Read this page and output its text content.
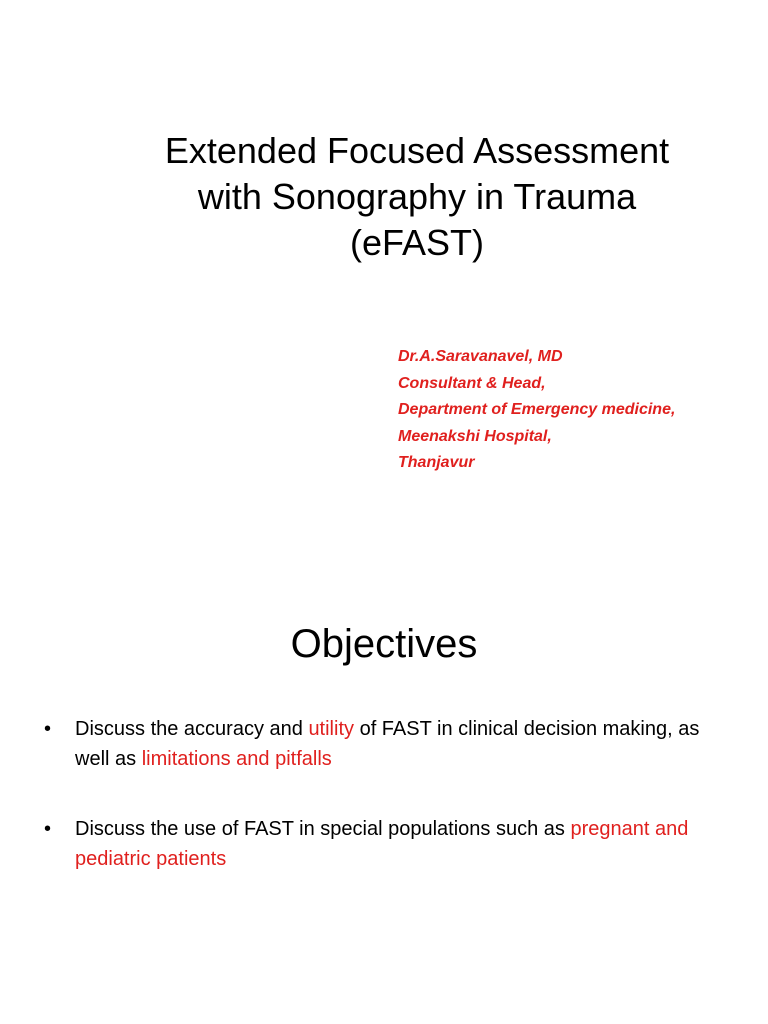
Extended Focused Assessment
with Sonography in Trauma
(eFAST)
Dr.A.Saravanavel, MD
Consultant & Head,
Department of Emergency medicine,
Meenakshi Hospital,
Thanjavur
Objectives
• Discuss the accuracy and utility of FAST in clinical decision making, as well as limitations and pitfalls
• Discuss the use of FAST in special populations such as pregnant and pediatric patients
